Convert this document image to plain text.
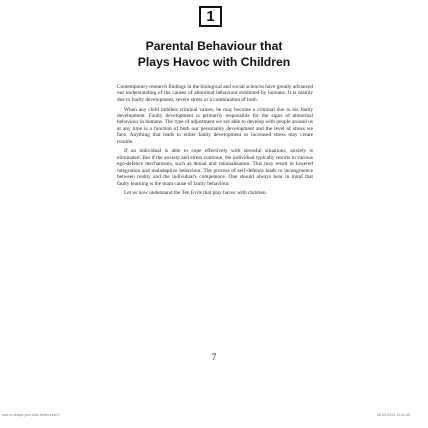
1
Parental Behaviour that
Plays Havoc with Children

Contemporary research findings in the biological and social sciences have greatly advanced our understanding of the causes of abnormal behaviour exhibited by humans. It is mainly due to faulty development, severe stress or a combination of both.

When any child imbibes criminal values, he may become a criminal due to his faulty development. Faulty development is primarily responsible for the signs of abnormal behaviour in humans. The type of adjustment we are able to develop with people around us at any time is a function of both our personality development and the level of stress we face. Anything that leads to either faulty development or increased stress may create trouble.

If an individual is able to cope effectively with stressful situations, anxiety is eliminated. But if the anxiety and stress continue, the individual typically resorts to various ego-defence mechanisms, such as denial and rationalisation. This may result in lowered integration and maladaptive behaviour. The process of self-defence leads to incongruence between reality and the individual's competence. One should always bear in mind that faulty learning is the main cause of faulty behaviour.

Let us now understand the Ten Evils that play havoc with children.

7
how to shape your kids better.indd 9	26-09-2013 11:12:40
